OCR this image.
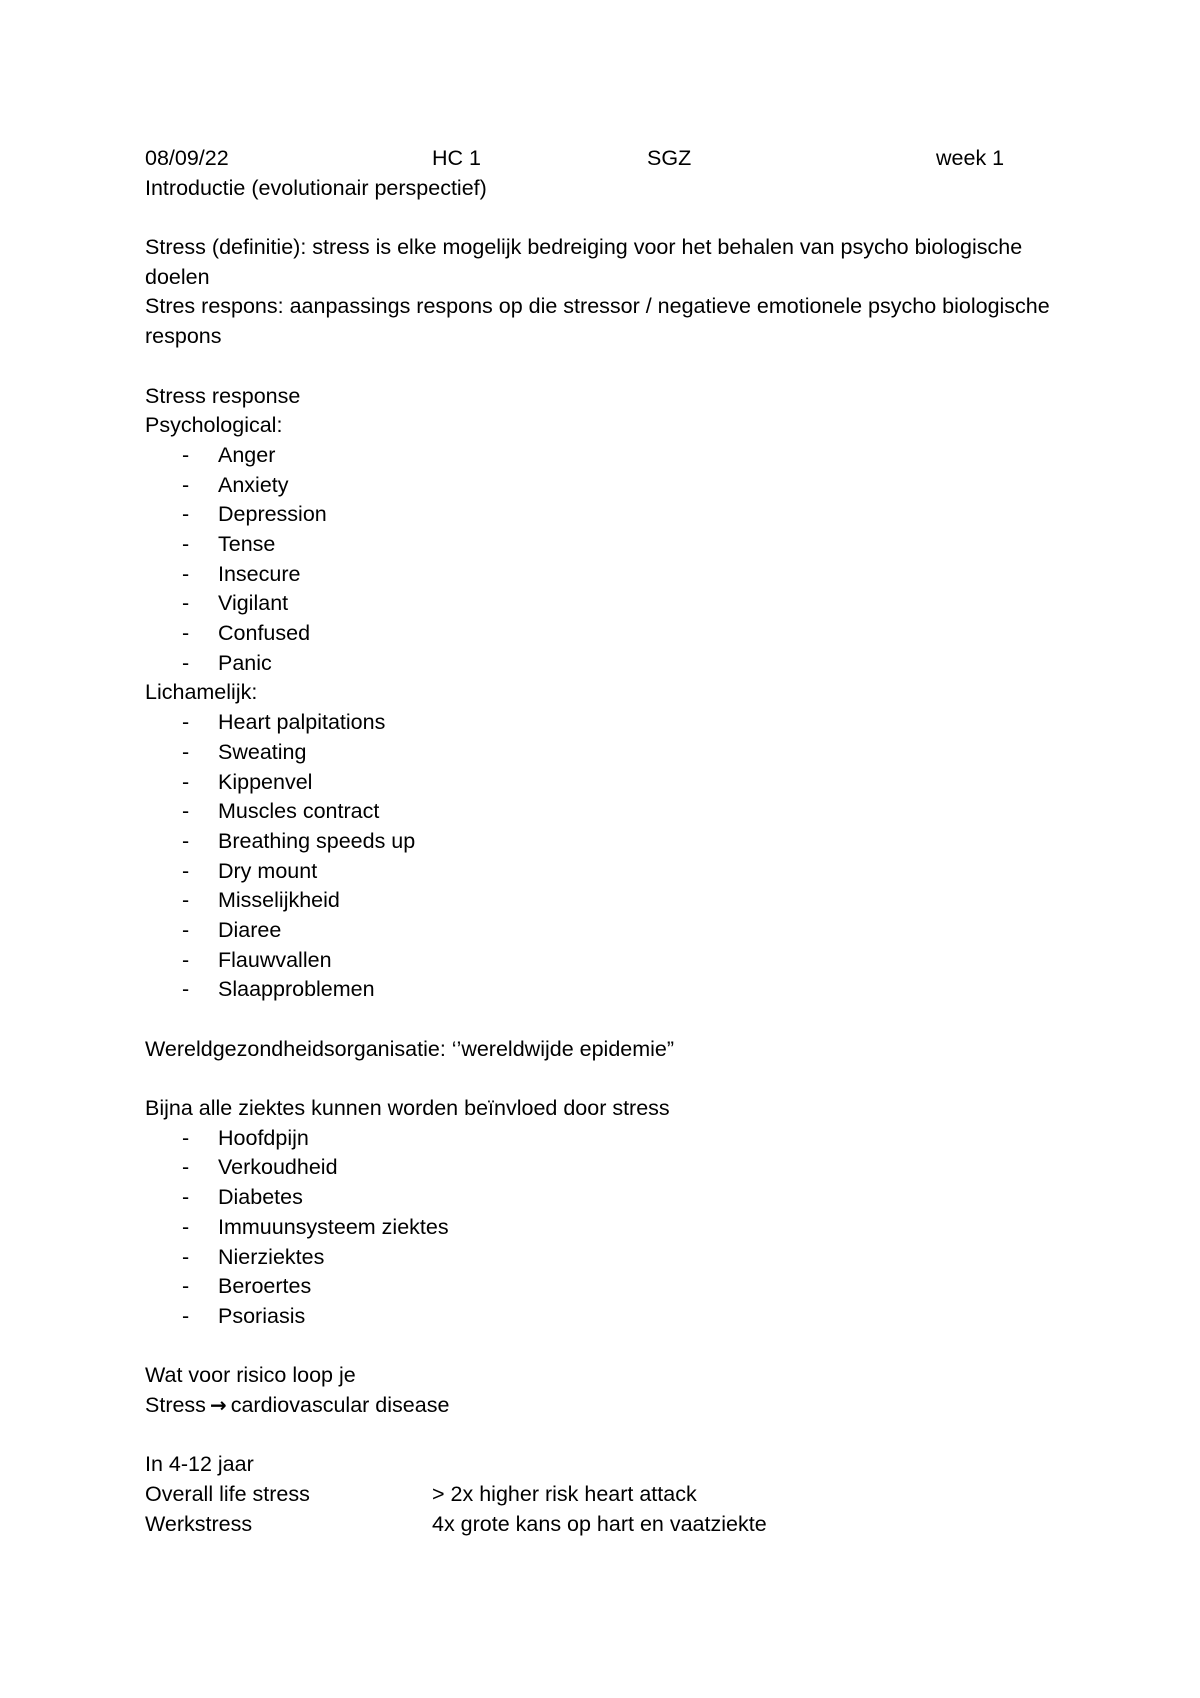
08/09/22	HC 1	SGZ	week 1
Introductie (evolutionair perspectief)
Stress (definitie): stress is elke mogelijk bedreiging voor het behalen van psycho biologische doelen
Stres respons: aanpassings respons op die stressor / negatieve emotionele psycho biologische respons
Stress response
Psychological:
- Anger
- Anxiety
- Depression
- Tense
- Insecure
- Vigilant
- Confused
- Panic
Lichamelijk:
- Heart palpitations
- Sweating
- Kippenvel
- Muscles contract
- Breathing speeds up
- Dry mount
- Misselijkheid
- Diaree
- Flauwvallen
- Slaapproblemen
Wereldgezondheidsorganisatie: ‘’wereldwijde epidemie”
Bijna alle ziektes kunnen worden beïnvloed door stress
- Hoofdpijn
- Verkoudheid
- Diabetes
- Immuunsysteem ziektes
- Nierziektes
- Beroertes
- Psoriasis
Wat voor risico loop je
Stress → cardiovascular disease
In 4-12 jaar
Overall life stress	> 2x higher risk heart attack
Werkstress	4x grote kans op hart en vaatziekte
